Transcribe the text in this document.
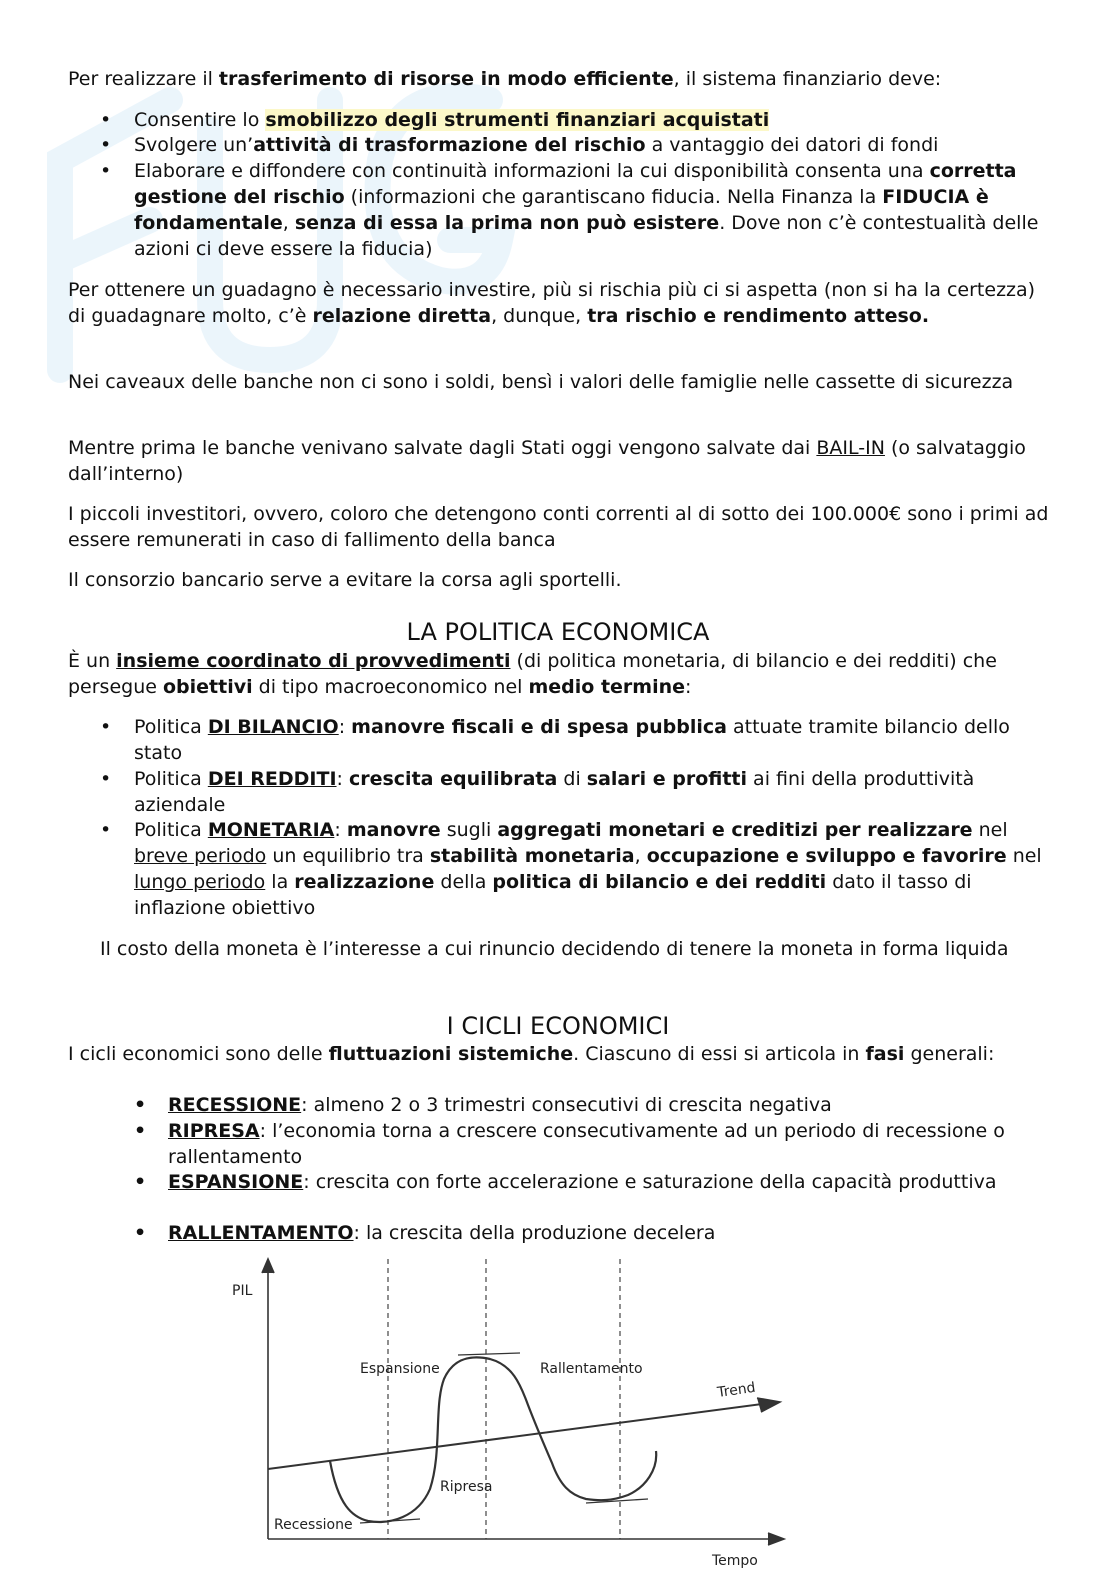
Per realizzare il trasferimento di risorse in modo efficiente, il sistema finanziario deve:

•	Consentire lo smobilizzo degli strumenti finanziari acquistati
•	Svolgere un’attività di trasformazione del rischio a vantaggio dei datori di fondi
•	Elaborare e diffondere con continuità informazioni la cui disponibilità consenta una corretta gestione del rischio (informazioni che garantiscano fiducia. Nella Finanza la FIDUCIA è fondamentale, senza di essa la prima non può esistere. Dove non c’è contestualità delle azioni ci deve essere la fiducia)

Per ottenere un guadagno è necessario investire, più si rischia più ci si aspetta (non si ha la certezza) di guadagnare molto, c’è relazione diretta, dunque, tra rischio e rendimento atteso.

Nei caveaux delle banche non ci sono i soldi, bensì i valori delle famiglie nelle cassette di sicurezza

Mentre prima le banche venivano salvate dagli Stati oggi vengono salvate dai BAIL-IN (o salvataggio dall’interno)

I piccoli investitori, ovvero, coloro che detengono conti correnti al di sotto dei 100.000€ sono i primi ad essere remunerati in caso di fallimento della banca

Il consorzio bancario serve a evitare la corsa agli sportelli.

LA POLITICA ECONOMICA

È un insieme coordinato di provvedimenti (di politica monetaria, di bilancio e dei redditi) che persegue obiettivi di tipo macroeconomico nel medio termine:

•	Politica DI BILANCIO: manovre fiscali e di spesa pubblica attuate tramite bilancio dello stato
•	Politica DEI REDDITI: crescita equilibrata di salari e profitti ai fini della produttività aziendale
•	Politica MONETARIA: manovre sugli aggregati monetari e creditizi per realizzare nel breve periodo un equilibrio tra stabilità monetaria, occupazione e sviluppo e favorire nel lungo periodo la realizzazione della politica di bilancio e dei redditi dato il tasso di inflazione obiettivo

Il costo della moneta è l’interesse a cui rinuncio decidendo di tenere la moneta in forma liquida

I CICLI ECONOMICI

I cicli economici sono delle fluttuazioni sistemiche. Ciascuno di essi si articola in fasi generali:

•	RECESSIONE: almeno 2 o 3 trimestri consecutivi di crescita negativa
•	RIPRESA: l’economia torna a crescere consecutivamente ad un periodo di recessione o rallentamento
•	ESPANSIONE: crescita con forte accelerazione e saturazione della capacità produttiva
•	RALLENTAMENTO: la crescita della produzione decelera
PIL
Tempo
Trend
Espansione	Rallentamento
Ripresa
Recessione
